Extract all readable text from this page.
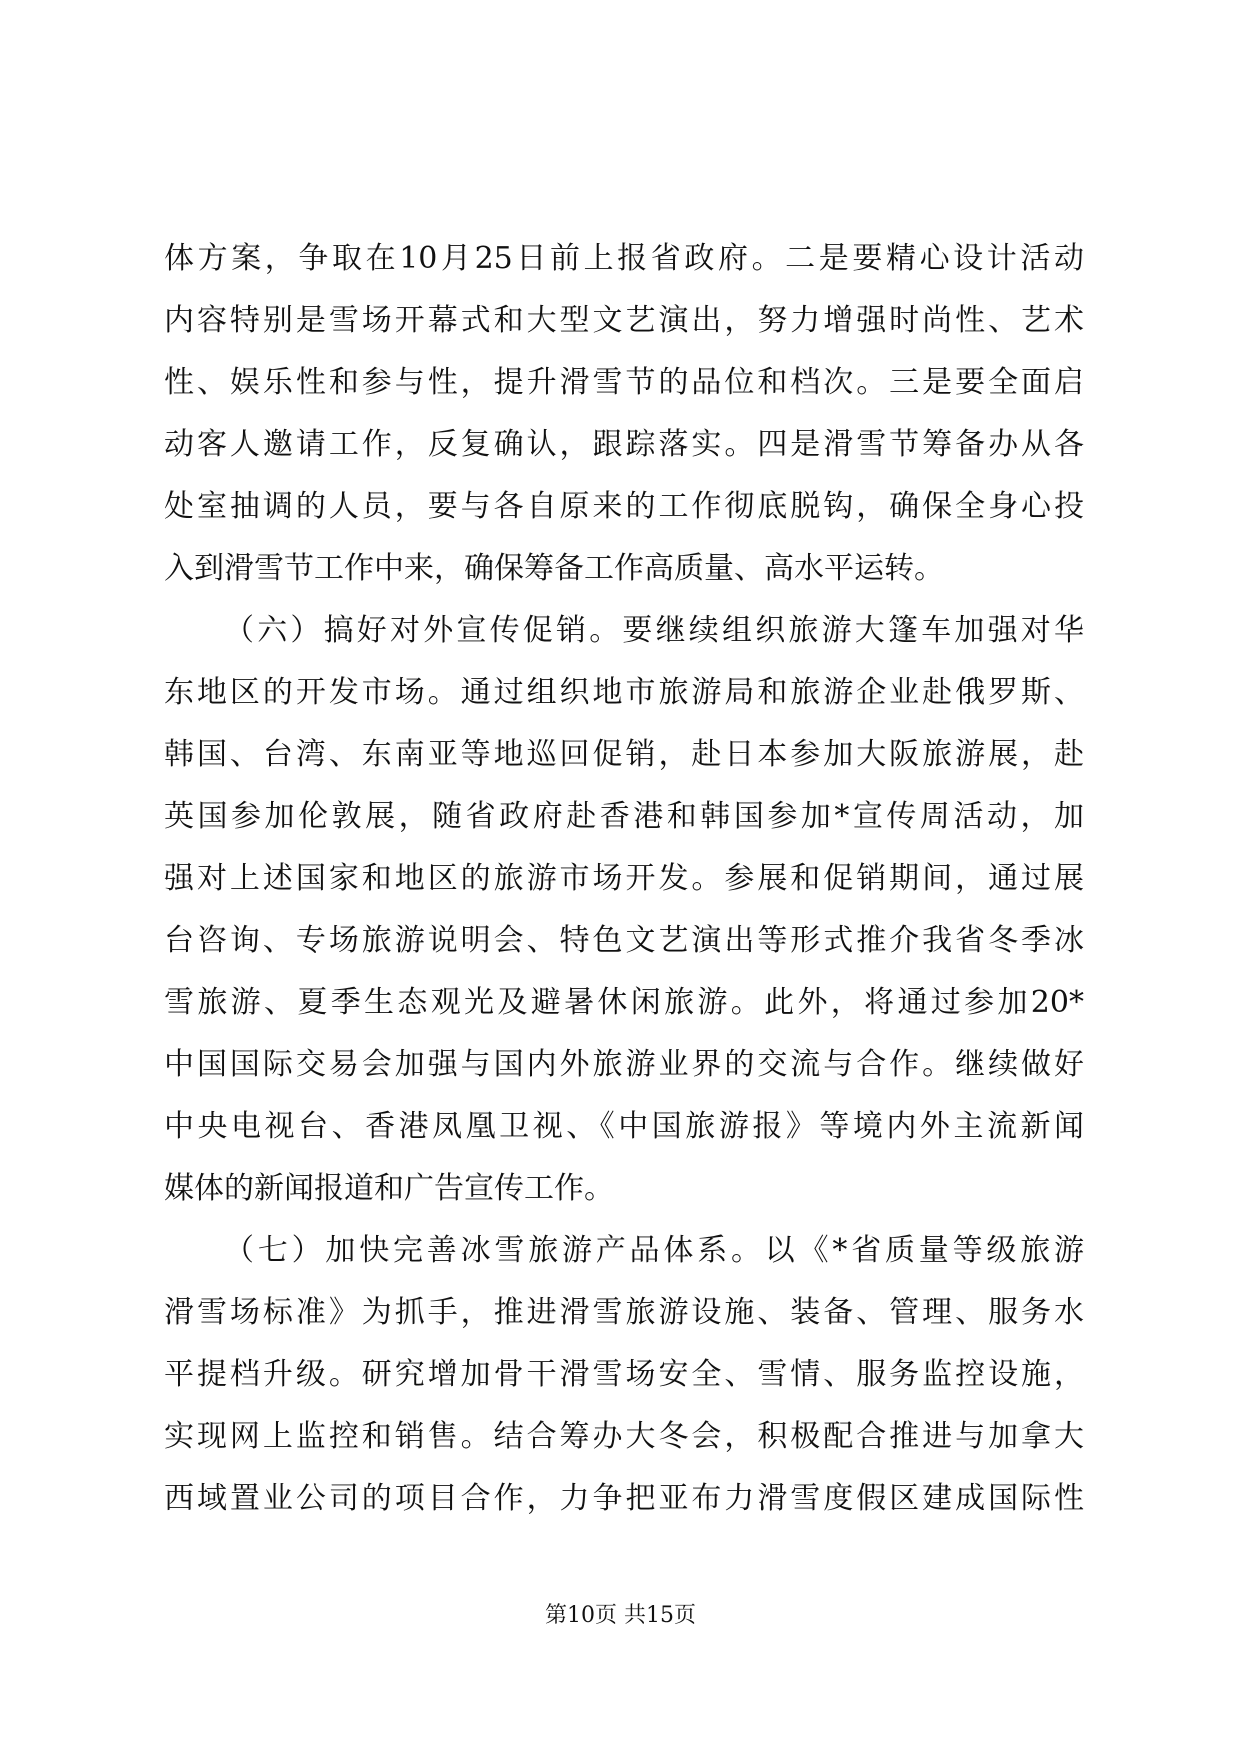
体方案，争取在10月25日前上报省政府。二是要精心设计活动
内容特别是雪场开幕式和大型文艺演出，努力增强时尚性、艺术
性、娱乐性和参与性，提升滑雪节的品位和档次。三是要全面启
动客人邀请工作，反复确认，跟踪落实。四是滑雪节筹备办从各
处室抽调的人员，要与各自原来的工作彻底脱钩，确保全身心投
入到滑雪节工作中来，确保筹备工作高质量、高水平运转。
（六）搞好对外宣传促销。要继续组织旅游大篷车加强对华
东地区的开发市场。通过组织地市旅游局和旅游企业赴俄罗斯、
韩国、台湾、东南亚等地巡回促销，赴日本参加大阪旅游展，赴
英国参加伦敦展，随省政府赴香港和韩国参加*宣传周活动，加
强对上述国家和地区的旅游市场开发。参展和促销期间，通过展
台咨询、专场旅游说明会、特色文艺演出等形式推介我省冬季冰
雪旅游、夏季生态观光及避暑休闲旅游。此外，将通过参加20*
中国国际交易会加强与国内外旅游业界的交流与合作。继续做好
中央电视台、香港凤凰卫视、《中国旅游报》等境内外主流新闻
媒体的新闻报道和广告宣传工作。
（七）加快完善冰雪旅游产品体系。以《*省质量等级旅游
滑雪场标准》为抓手，推进滑雪旅游设施、装备、管理、服务水
平提档升级。研究增加骨干滑雪场安全、雪情、服务监控设施，
实现网上监控和销售。结合筹办大冬会，积极配合推进与加拿大
西域置业公司的项目合作，力争把亚布力滑雪度假区建成国际性
第10页 共15页
